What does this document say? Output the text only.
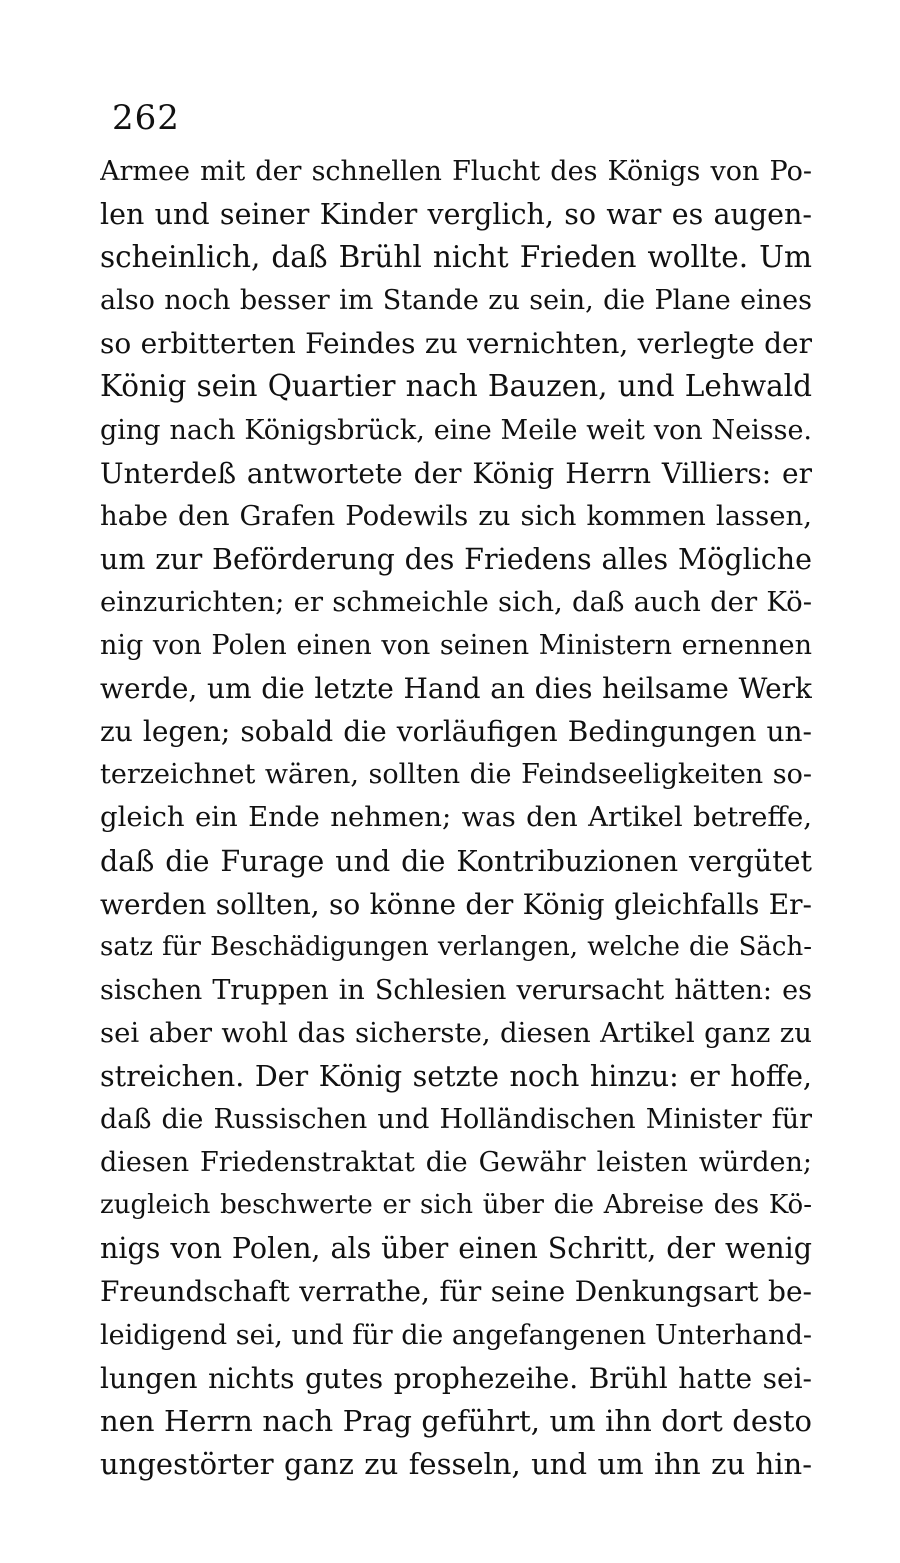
262
Armee mit der schnellen Flucht des Königs von Po-
len und seiner Kinder verglich, so war es augen-
scheinlich, daß Brühl nicht Frieden wollte. Um
also noch besser im Stande zu sein, die Plane eines
so erbitterten Feindes zu vernichten, verlegte der
König sein Quartier nach Bauzen, und Lehwald
ging nach Königsbrück, eine Meile weit von Neisse.
Unterdeß antwortete der König Herrn Villiers: er
habe den Grafen Podewils zu sich kommen lassen,
um zur Beförderung des Friedens alles Mögliche
einzurichten; er schmeichle sich, daß auch der Kö-
nig von Polen einen von seinen Ministern ernennen
werde, um die letzte Hand an dies heilsame Werk
zu legen; sobald die vorläufigen Bedingungen un-
terzeichnet wären, sollten die Feindseeligkeiten so-
gleich ein Ende nehmen; was den Artikel betreffe,
daß die Furage und die Kontribuzionen vergütet
werden sollten, so könne der König gleichfalls Er-
satz für Beschädigungen verlangen, welche die Säch-
sischen Truppen in Schlesien verursacht hätten: es
sei aber wohl das sicherste, diesen Artikel ganz zu
streichen. Der König setzte noch hinzu: er hoffe,
daß die Russischen und Holländischen Minister für
diesen Friedenstraktat die Gewähr leisten würden;
zugleich beschwerte er sich über die Abreise des Kö-
nigs von Polen, als über einen Schritt, der wenig
Freundschaft verrathe, für seine Denkungsart be-
leidigend sei, und für die angefangenen Unterhand-
lungen nichts gutes prophezeihe. Brühl hatte sei-
nen Herrn nach Prag geführt, um ihn dort desto
ungestörter ganz zu fesseln, und um ihn zu hin-
